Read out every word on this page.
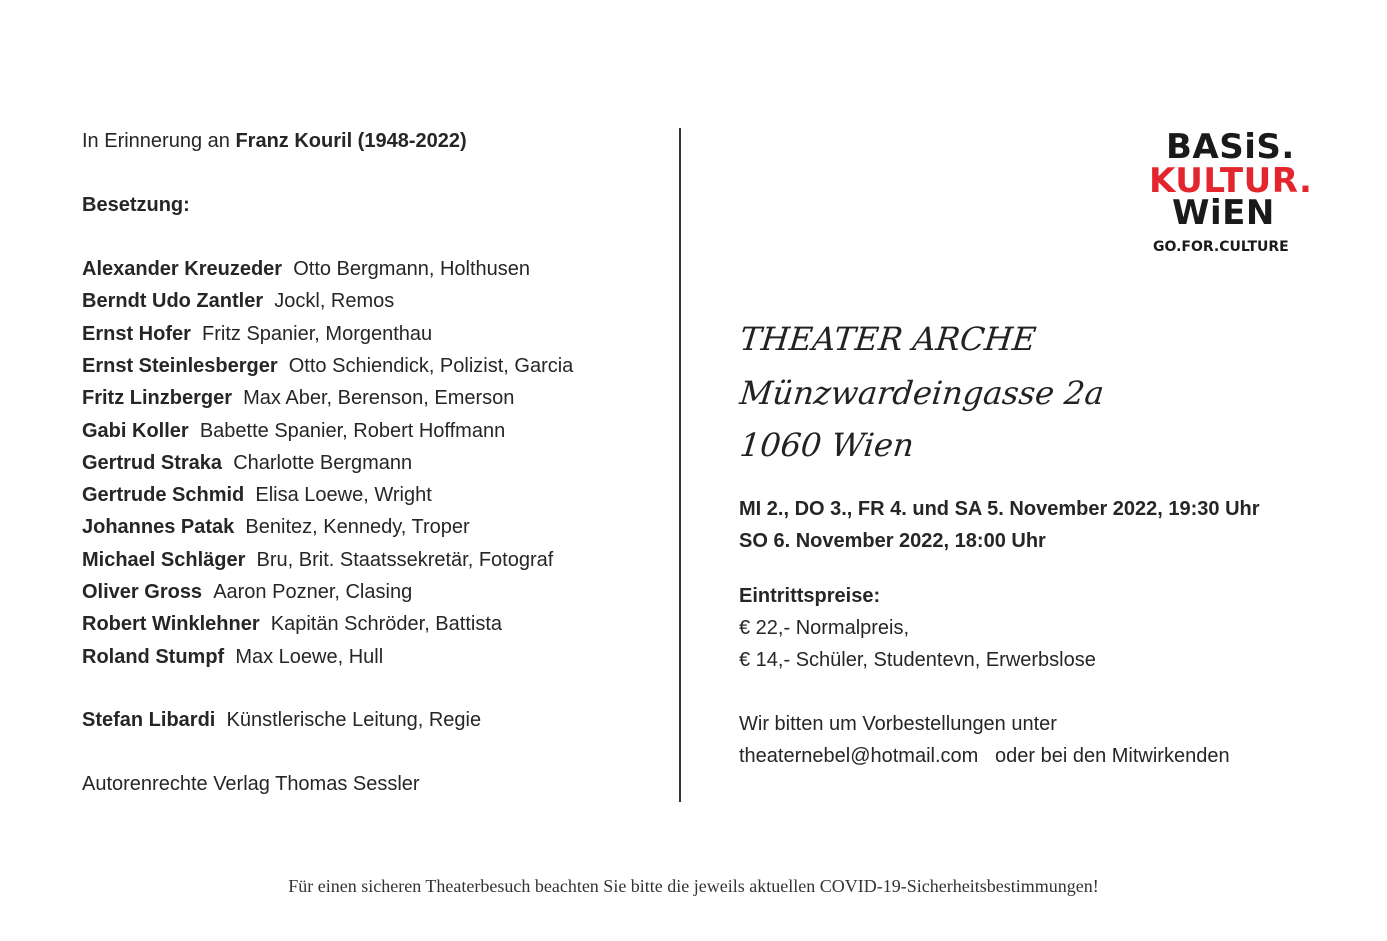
In Erinnerung an Franz Kouril (1948-2022)
Besetzung:
Alexander Kreuzeder Otto Bergmann, Holthusen
Berndt Udo Zantler Jockl, Remos
Ernst Hofer Fritz Spanier, Morgenthau
Ernst Steinlesberger Otto Schiendick, Polizist, Garcia
Fritz Linzberger Max Aber, Berenson, Emerson
Gabi Koller Babette Spanier, Robert Hoffmann
Gertrud Straka Charlotte Bergmann
Gertrude Schmid Elisa Loewe, Wright
Johannes Patak Benitez, Kennedy, Troper
Michael Schläger Bru, Brit. Staatssekretär, Fotograf
Oliver Gross Aaron Pozner, Clasing
Robert Winklehner Kapitän Schröder, Battista
Roland Stumpf Max Loewe, Hull
Stefan Libardi Künstlerische Leitung, Regie
Autorenrechte Verlag Thomas Sessler
BASiS.
KULTUR.
WiEN
GO.FOR.CULTURE
THEATER ARCHE
Münzwardeingasse 2a
1060 Wien
MI 2., DO 3., FR 4. und SA 5. November 2022, 19:30 Uhr
SO 6. November 2022, 18:00 Uhr
Eintrittspreise:
€ 22,- Normalpreis,
€ 14,- Schüler, Studentevn, Erwerbslose
Wir bitten um Vorbestellungen unter
theaternebel@hotmail.com oder bei den Mitwirkenden
Für einen sicheren Theaterbesuch beachten Sie bitte die jeweils aktuellen COVID-19-Sicherheitsbestimmungen!
